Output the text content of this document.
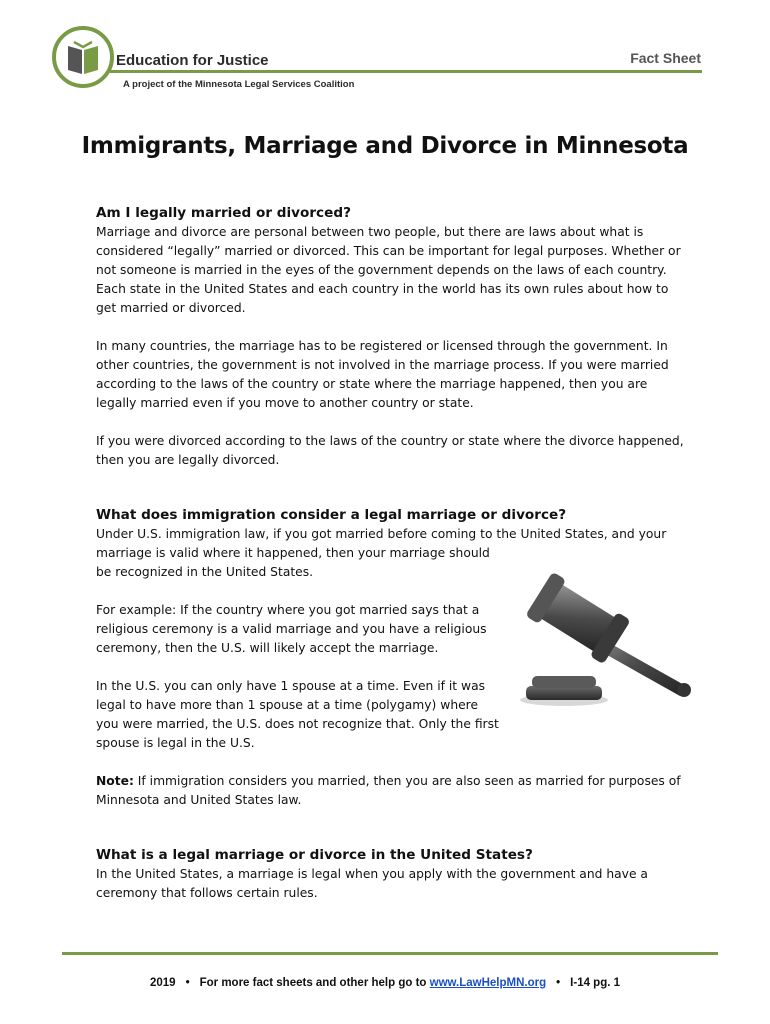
Education for Justice
A project of the Minnesota Legal Services Coalition
Fact Sheet
Immigrants, Marriage and Divorce in Minnesota
Am I legally married or divorced?

Marriage and divorce are personal between two people, but there are laws about what is considered “legally” married or divorced. This can be important for legal purposes. Whether or not someone is married in the eyes of the government depends on the laws of each country. Each state in the United States and each country in the world has its own rules about how to get married or divorced.

In many countries, the marriage has to be registered or licensed through the government. In other countries, the government is not involved in the marriage process. If you were married according to the laws of the country or state where the marriage happened, then you are legally married even if you move to another country or state.

If you were divorced according to the laws of the country or state where the divorce happened, then you are legally divorced.

What does immigration consider a legal marriage or divorce?

Under U.S. immigration law, if you got married before coming to the United States, and your

marriage is valid where it happened, then your marriage should be recognized in the United States.

For example: If the country where you got married says that a religious ceremony is a valid marriage and you have a religious ceremony, then the U.S. will likely accept the marriage.

In the U.S. you can only have 1 spouse at a time. Even if it was legal to have more than 1 spouse at a time (polygamy) where you were married, the U.S. does not recognize that. Only the first spouse is legal in the U.S.

Note: If immigration considers you married, then you are also seen as married for purposes of Minnesota and United States law.

What is a legal marriage or divorce in the United States?

In the United States, a marriage is legal when you apply with the government and have a ceremony that follows certain rules.

2019 • For more fact sheets and other help go to www.LawHelpMN.org • I-14 pg. 1
